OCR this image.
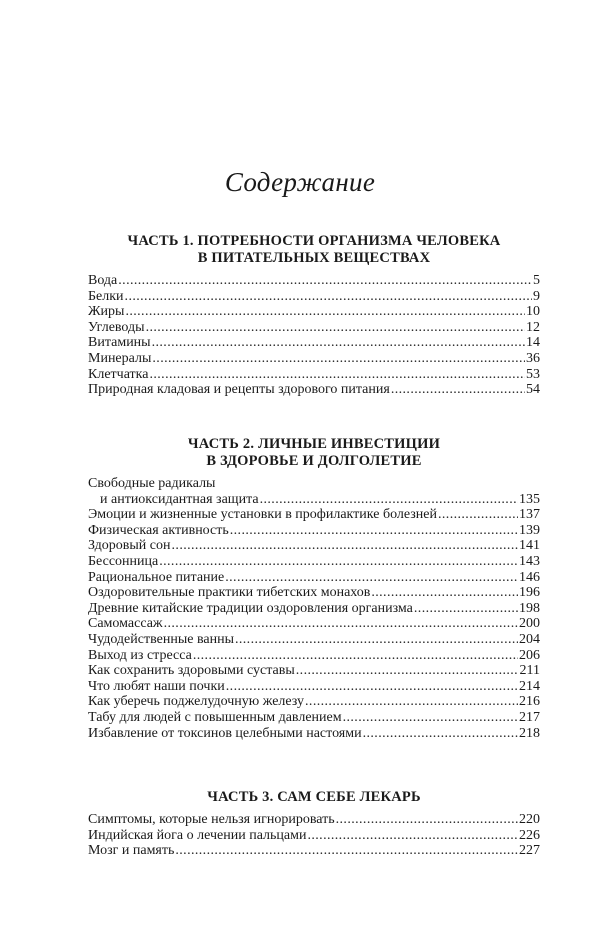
Содержание
ЧАСТЬ 1. ПОТРЕБНОСТИ ОРГАНИЗМА ЧЕЛОВЕКА
В ПИТАТЕЛЬНЫХ ВЕЩЕСТВАХ
Вода .....	5
Белки .....	9
Жиры .....	10
Углеводы .....	12
Витамины .....	14
Минералы .....	36
Клетчатка .....	53
Природная кладовая и рецепты здорового питания .....	54
ЧАСТЬ 2. ЛИЧНЫЕ ИНВЕСТИЦИИ
В ЗДОРОВЬЕ И ДОЛГОЛЕТИЕ
Свободные радикалы
и антиоксидантная защита .....	135
Эмоции и жизненные установки в профилактике болезней .....	137
Физическая активность .....	139
Здоровый сон .....	141
Бессонница .....	143
Рациональное питание .....	146
Оздоровительные практики тибетских монахов .....	196
Древние китайские традиции оздоровления организма .....	198
Самомассаж .....	200
Чудодейственные ванны .....	204
Выход из стресса .....	206
Как сохранить здоровыми суставы .....	211
Что любят наши почки .....	214
Как уберечь поджелудочную железу .....	216
Табу для людей с повышенным давлением .....	217
Избавление от токсинов целебными настоями .....	218
ЧАСТЬ 3. САМ СЕБЕ ЛЕКАРЬ
Симптомы, которые нельзя игнорировать .....	220
Индийская йога о лечении пальцами .....	226
Мозг и память .....	227
